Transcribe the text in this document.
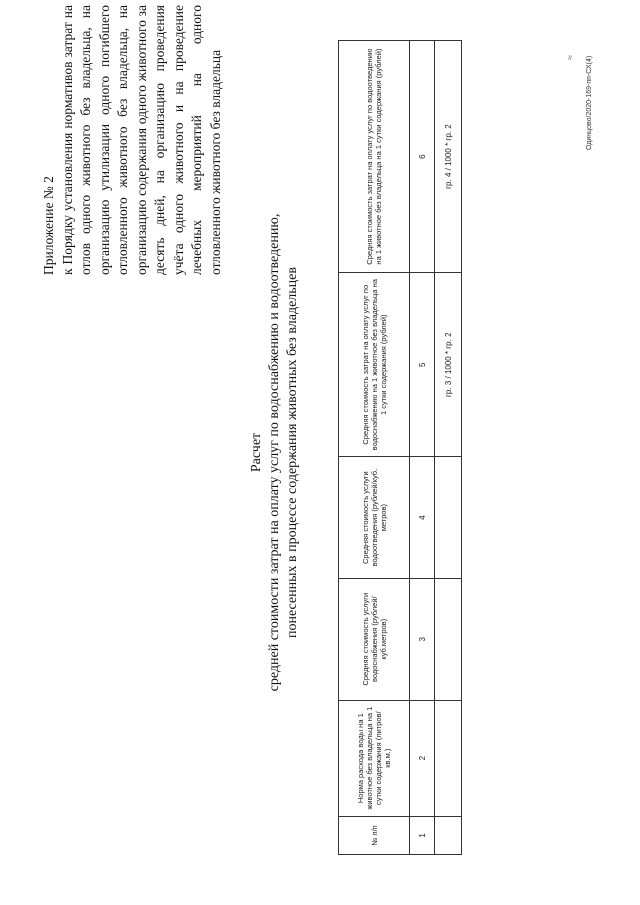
Приложение № 2 к Порядку установления нормативов затрат на отлов одного животного без владельца, на организацию утилизации одного погибшего отловленного животного без владельца, на организацию содержания одного животного за десять дней, на организацию проведения учёта одного животного и на проведение лечебных мероприятий на одного отловленного животного без владельца
Расчет средней стоимости затрат на оплату услуг по водоснабжению и водоотведению, понесенных в процессе содержания животных без владельцев
№ п/п	Норма расхода воды на 1 животное без владельца на 1 сутки содержания (литров/кв.м.)	Средняя стоимость услуги водоснабжения (рублей/куб.метров)	Средняя стоимость услуги водоотведения (рублей/куб. метров)	Средняя стоимость затрат на оплату услуг по водоснабжению на 1 животное без владельца на 1 сутки содержания (рублей)	Средняя стоимость затрат на оплату услуг по водоотведению на 1 животное без владельца на 1 сутки содержания (рублей)
1	2	3	4	5	6
				гр. 3 / 1000 * гр. 2	гр. 4 / 1000 * гр. 2
Одинцово/2020-169-пп-СХ(4)
≈
